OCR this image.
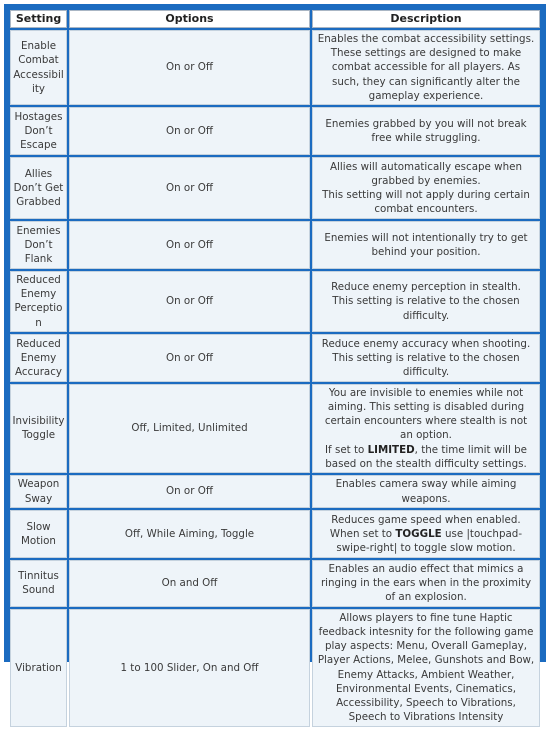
Setting	Options	Description
Enable Combat Accessibility	On or Off	Enables the combat accessibility settings. These settings are designed to make combat accessible for all players. As such, they can significantly alter the gameplay experience.

Hostages Don’t Escape	On or Off	Enemies grabbed by you will not break free while struggling.

Allies Don’t Get Grabbed	On or Off	Allies will automatically escape when grabbed by enemies.
This setting will not apply during certain combat encounters.

Enemies Don’t Flank	On or Off	Enemies will not intentionally try to get behind your position.

Reduced Enemy Perception	On or Off	Reduce enemy perception in stealth.
This setting is relative to the chosen difficulty.

Reduced Enemy Accuracy	On or Off	Reduce enemy accuracy when shooting.
This setting is relative to the chosen difficulty.

Invisibility Toggle	Off, Limited, Unlimited	You are invisible to enemies while not aiming. This setting is disabled during certain encounters where stealth is not an option.
If set to LIMITED, the time limit will be based on the stealth difficulty settings.

Weapon Sway	On or Off	Enables camera sway while aiming weapons.

Slow Motion	Off, While Aiming, Toggle	Reduces game speed when enabled.
When set to TOGGLE use |touchpad-swipe-right| to toggle slow motion.

Tinnitus Sound	On and Off	Enables an audio effect that mimics a ringing in the ears when in the proximity of an explosion.

Vibration	1 to 100 Slider, On and Off	Allows players to fine tune Haptic feedback intesnity for the following game play aspects: Menu, Overall Gameplay, Player Actions, Melee, Gunshots and Bow, Enemy Attacks, Ambient Weather, Environmental Events, Cinematics, Accessibility, Speech to Vibrations, Speech to Vibrations Intensity
